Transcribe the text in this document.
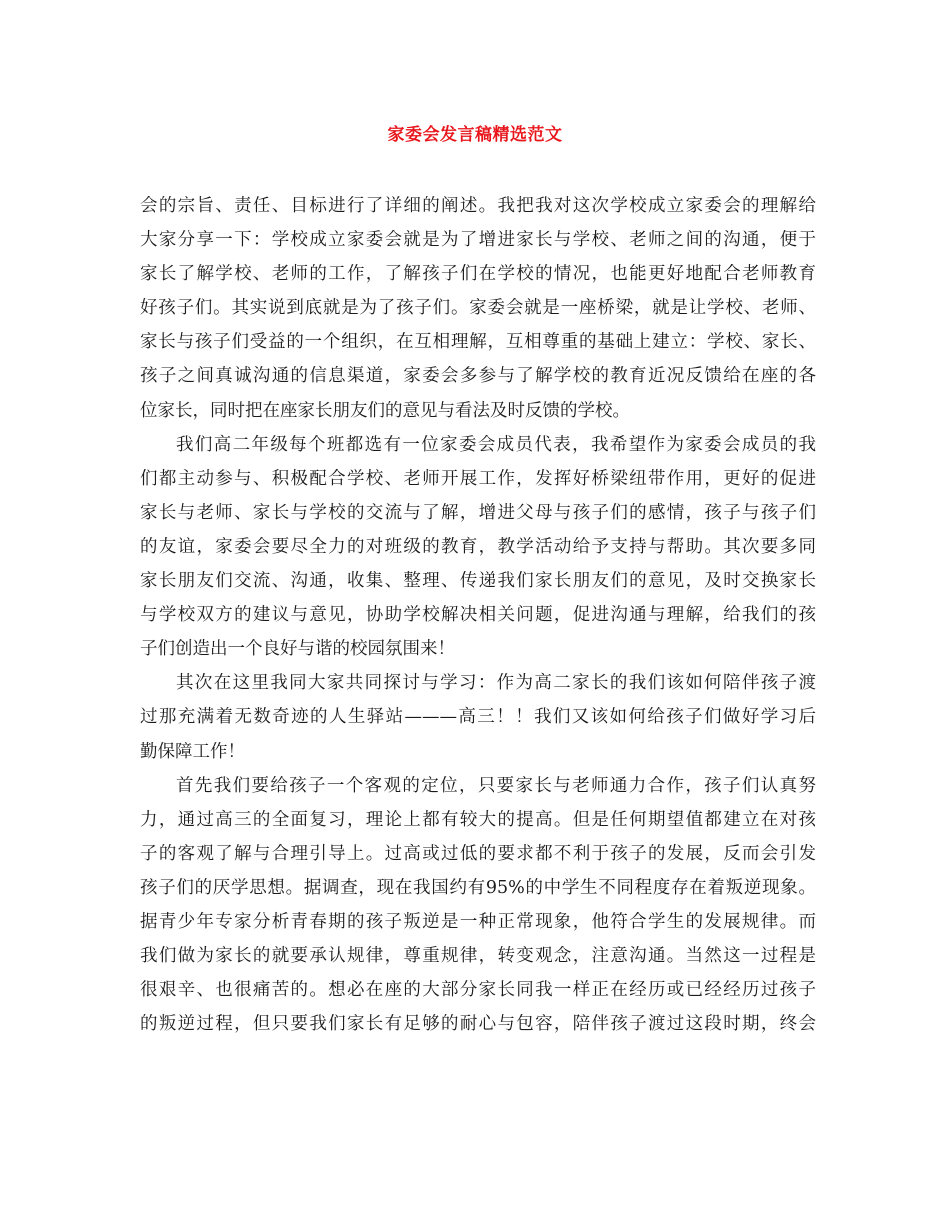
家委会发言稿精选范文
会的宗旨、责任、目标进行了详细的阐述。我把我对这次学校成立家委会的理解给
大家分享一下：学校成立家委会就是为了增进家长与学校、老师之间的沟通，便于
家长了解学校、老师的工作，了解孩子们在学校的情况，也能更好地配合老师教育
好孩子们。其实说到底就是为了孩子们。家委会就是一座桥梁，就是让学校、老师、
家长与孩子们受益的一个组织，在互相理解，互相尊重的基础上建立：学校、家长、
孩子之间真诚沟通的信息渠道，家委会多参与了解学校的教育近况反馈给在座的各
位家长，同时把在座家长朋友们的意见与看法及时反馈的学校。
我们高二年级每个班都选有一位家委会成员代表，我希望作为家委会成员的我
们都主动参与、积极配合学校、老师开展工作，发挥好桥梁纽带作用，更好的促进
家长与老师、家长与学校的交流与了解，增进父母与孩子们的感情，孩子与孩子们
的友谊，家委会要尽全力的对班级的教育，教学活动给予支持与帮助。其次要多同
家长朋友们交流、沟通，收集、整理、传递我们家长朋友们的意见，及时交换家长
与学校双方的建议与意见，协助学校解决相关问题，促进沟通与理解，给我们的孩
子们创造出一个良好与谐的校园氛围来！
其次在这里我同大家共同探讨与学习：作为高二家长的我们该如何陪伴孩子渡
过那充满着无数奇迹的人生驿站———高三！！我们又该如何给孩子们做好学习后
勤保障工作！
首先我们要给孩子一个客观的定位，只要家长与老师通力合作，孩子们认真努
力，通过高三的全面复习，理论上都有较大的提高。但是任何期望值都建立在对孩
子的客观了解与合理引导上。过高或过低的要求都不利于孩子的发展，反而会引发
孩子们的厌学思想。据调查，现在我国约有95%的中学生不同程度存在着叛逆现象。
据青少年专家分析青春期的孩子叛逆是一种正常现象，他符合学生的发展规律。而
我们做为家长的就要承认规律，尊重规律，转变观念，注意沟通。当然这一过程是
很艰辛、也很痛苦的。想必在座的大部分家长同我一样正在经历或已经经历过孩子
的叛逆过程，但只要我们家长有足够的耐心与包容，陪伴孩子渡过这段时期，终会
